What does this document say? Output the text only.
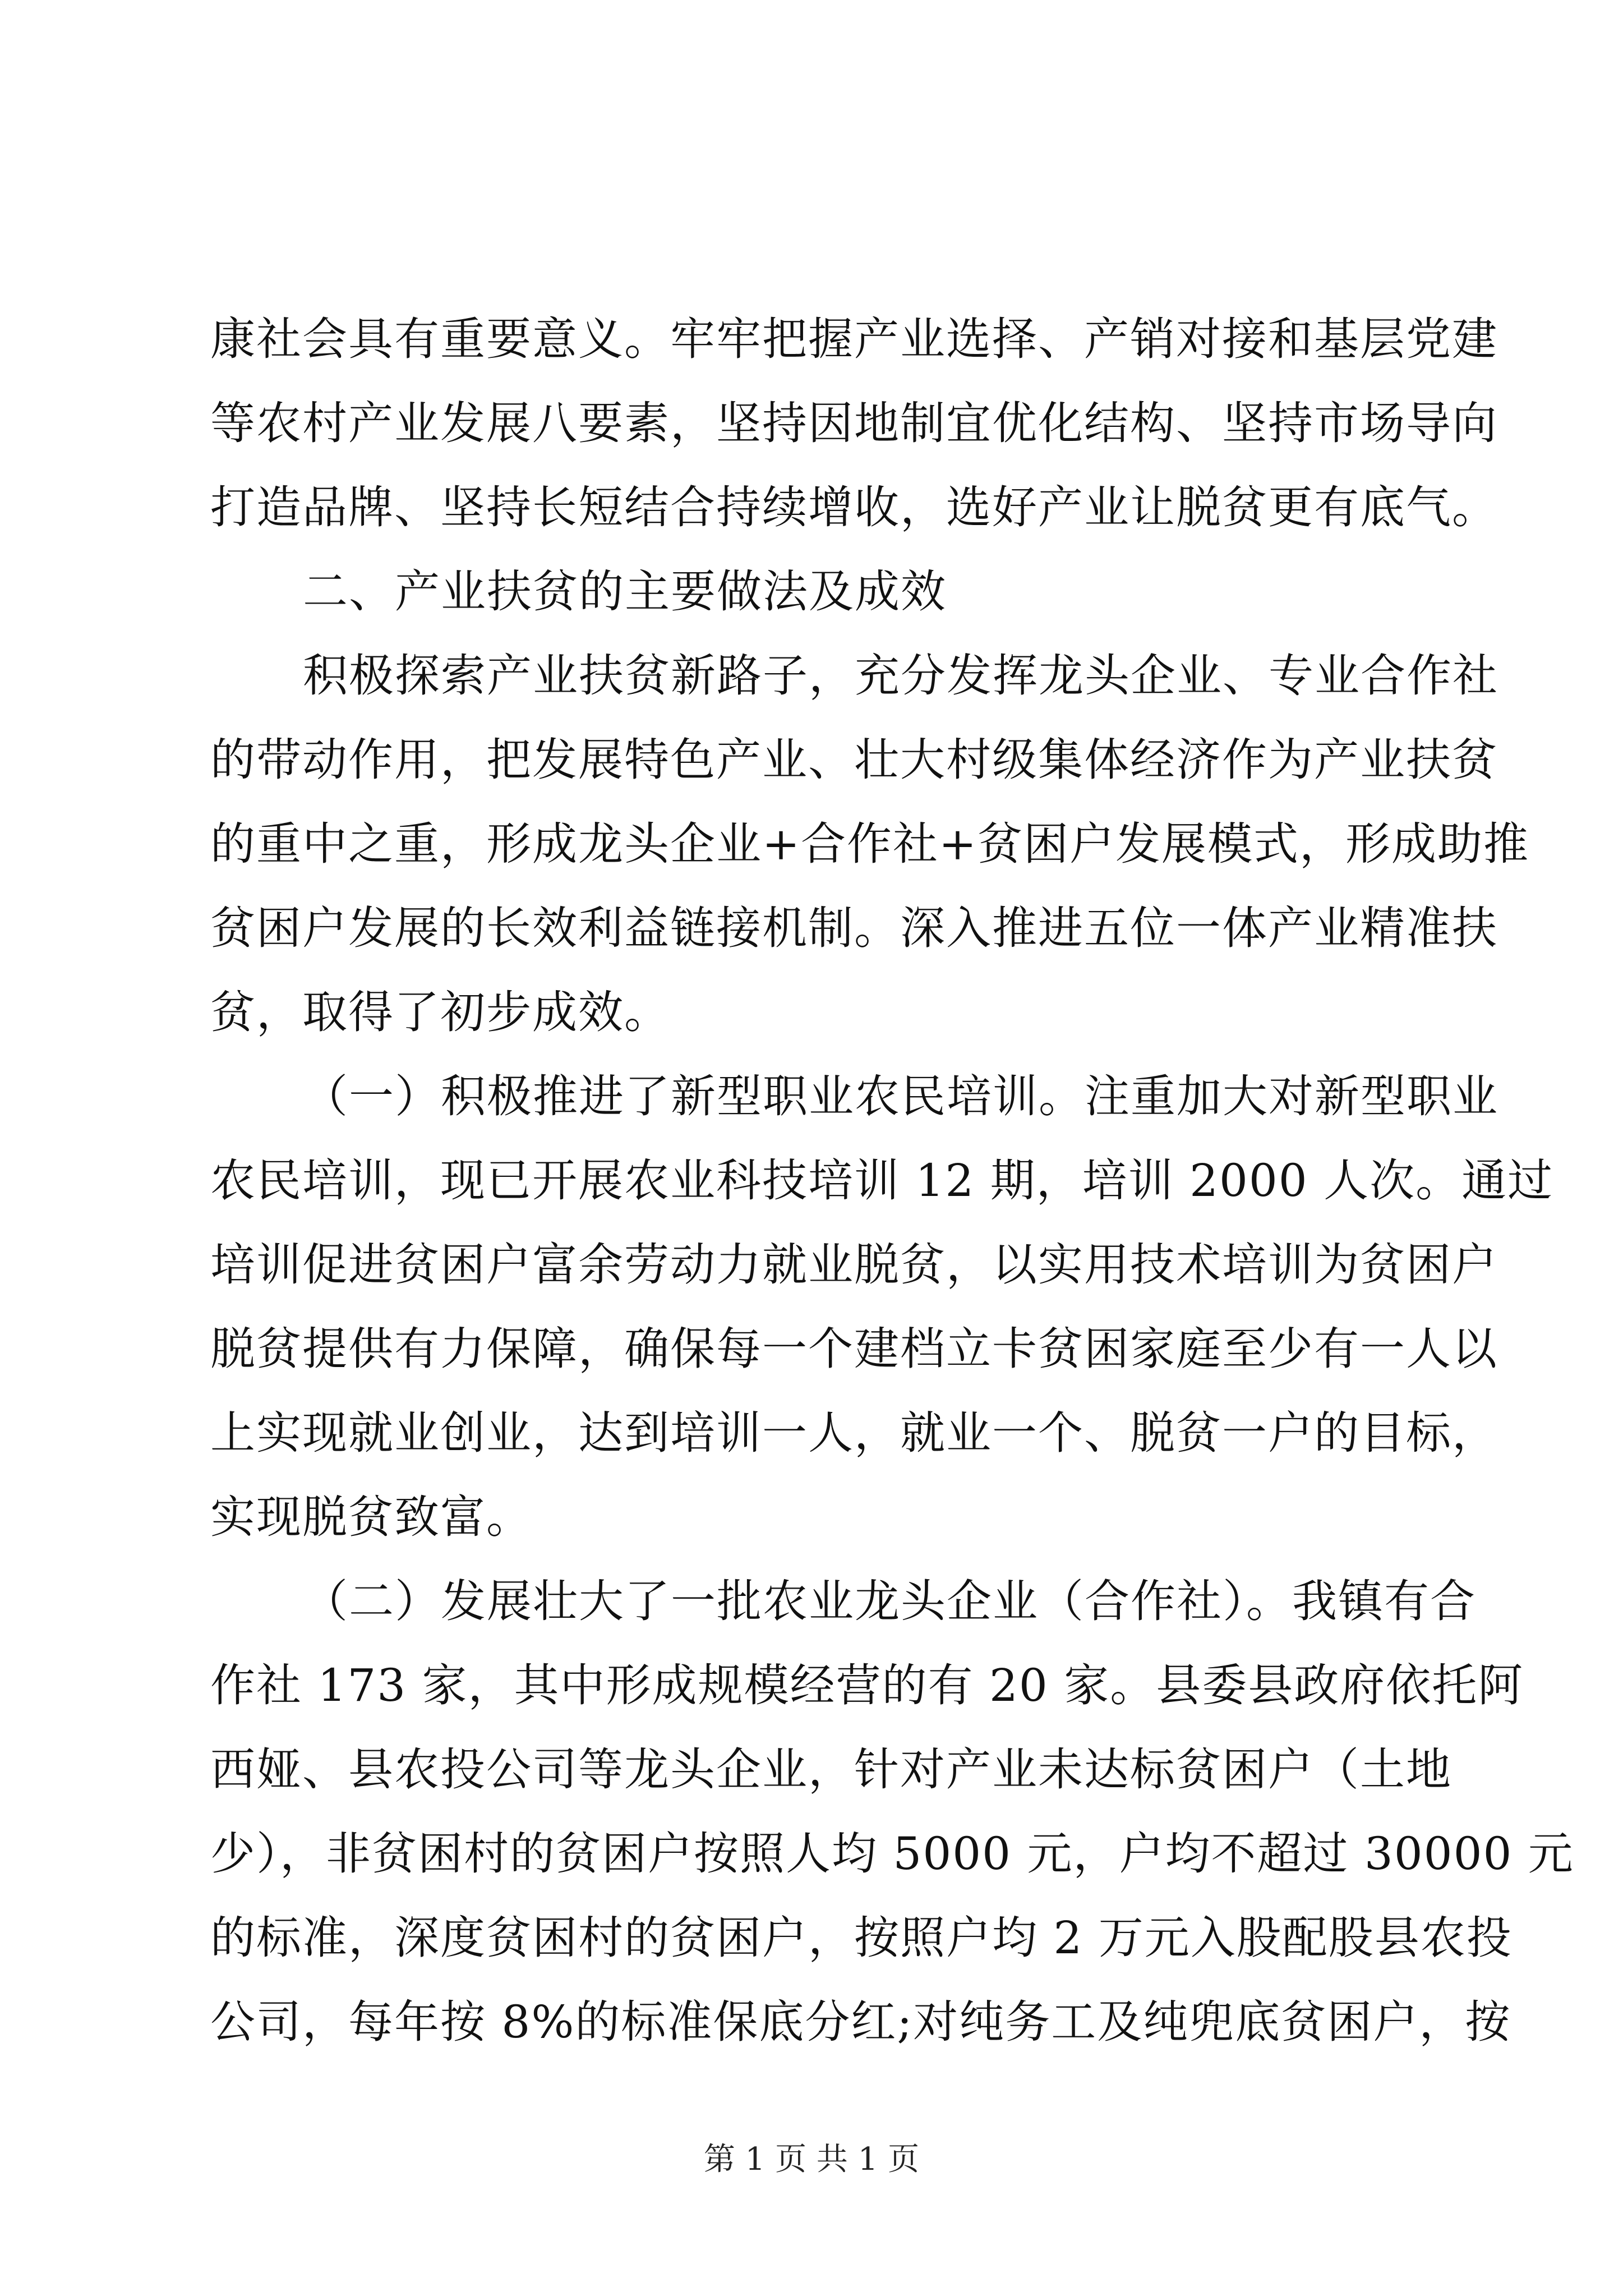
康社会具有重要意义。牢牢把握产业选择、产销对接和基层党建
等农村产业发展八要素，坚持因地制宜优化结构、坚持市场导向
打造品牌、坚持长短结合持续增收，选好产业让脱贫更有底气。
二、产业扶贫的主要做法及成效
积极探索产业扶贫新路子，充分发挥龙头企业、专业合作社
的带动作用，把发展特色产业、壮大村级集体经济作为产业扶贫
的重中之重，形成龙头企业+合作社+贫困户发展模式，形成助推
贫困户发展的长效利益链接机制。深入推进五位一体产业精准扶
贫，取得了初步成效。
（一）积极推进了新型职业农民培训。注重加大对新型职业
农民培训，现已开展农业科技培训 12 期，培训 2000 人次。通过
培训促进贫困户富余劳动力就业脱贫，以实用技术培训为贫困户
脱贫提供有力保障，确保每一个建档立卡贫困家庭至少有一人以
上实现就业创业，达到培训一人，就业一个、脱贫一户的目标，
实现脱贫致富。
（二）发展壮大了一批农业龙头企业（合作社）。我镇有合
作社 173 家，其中形成规模经营的有 20 家。县委县政府依托阿
西娅、县农投公司等龙头企业，针对产业未达标贫困户（土地
少），非贫困村的贫困户按照人均 5000 元，户均不超过 30000 元
的标准，深度贫困村的贫困户，按照户均 2 万元入股配股县农投
公司，每年按 8%的标准保底分红;对纯务工及纯兜底贫困户，按
第 1 页 共 1 页
